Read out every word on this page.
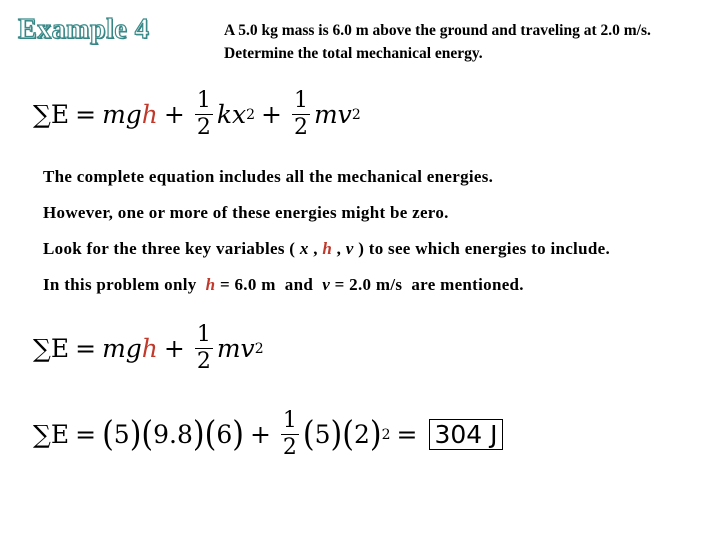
Example 4	A 5.0 kg mass is 6.0 m above the ground and traveling at 2.0 m/s. Determine the total mechanical energy.
∑E = mg $h + \frac{1}{2}$ kx $2 + \frac{1}{2}$ mv 2
The complete equation includes all the mechanical energies.
However, one or more of these energies might be zero.
Look for the three key variables ( x , h , v ) to see which energies to include.
In this problem only h = 6.0 m and v = 2.0 m/s are mentioned.
∑E = mg $h + \frac{1}{2}$ mv 2
∑E = ( 5 ) ( 9.8 ) ( 6 ) + $\frac{1}{2}$ ( 5 ) ( 2 ) 2 = 304 J
